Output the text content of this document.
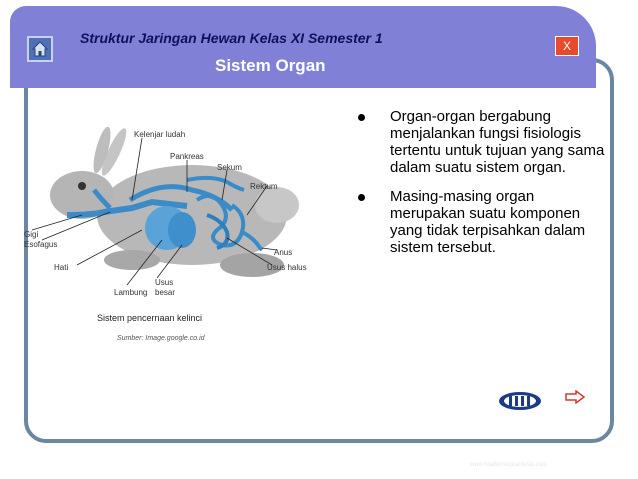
Struktur Jaringan Hewan Kelas XI Semester 1
Sistem Organ
X
Kelenjar ludah
Pankreas
Sekum
Rektum
Gigi
Esofagus
Hati
Usus
besar
Lambung
Anus
Usus halus
Sistem pencernaan kelinci
Sumber: Image.google.co.id
Organ-organ bergabung menjalankan fungsi fisiologis tertentu untuk tujuan yang sama dalam suatu sistem organ.
Masing-masing organ merupakan suatu komponen yang tidak terpisahkan dalam sistem tersebut.
www.hsellensuprantesis.com
